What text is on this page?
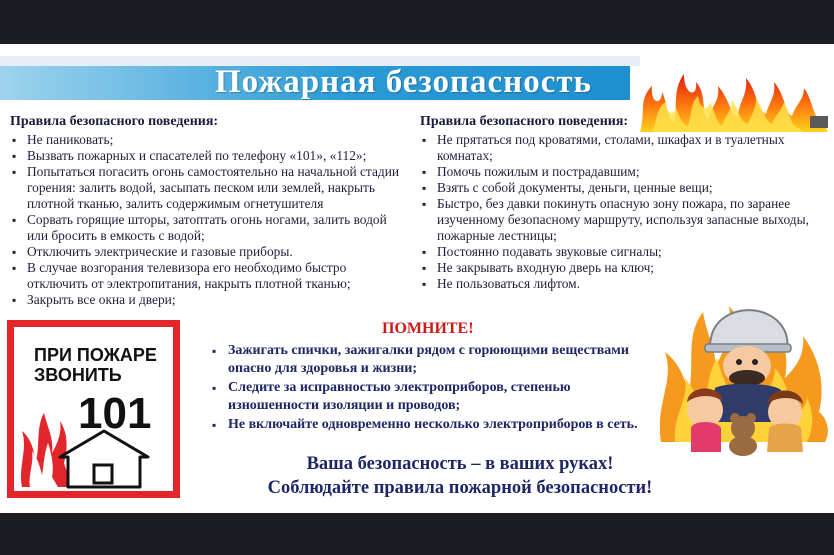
Пожарная безопасность
Правила безопасного поведения:
▪ Не паниковать;
▪ Вызвать пожарных и спасателей по телефону «101», «112»;
▪ Попытаться погасить огонь самостоятельно на начальной стадии горения: залить водой, засыпать песком или землей, накрыть плотной тканью, залить содержимым огнетушителя
▪ Сорвать горящие шторы, затоптать огонь ногами, залить водой или бросить в емкость с водой;
▪ Отключить электрические и газовые приборы.
▪ В случае возгорания телевизора его необходимо быстро отключить от электропитания, накрыть плотной тканью;
▪ Закрыть все окна и двери;
Правила безопасного поведения:
▪ Не прятаться под кроватями, столами, шкафах и в туалетных комнатах;
▪ Помочь пожилым и пострадавшим;
▪ Взять с собой документы, деньги, ценные вещи;
▪ Быстро, без давки покинуть опасную зону пожара, по заранее изученному безопасному маршруту, используя запасные выходы, пожарные лестницы;
▪ Постоянно подавать звуковые сигналы;
▪ Не закрывать входную дверь на ключ;
▪ Не пользоваться лифтом.
ПРИ ПОЖАРЕ
ЗВОНИТЬ
101

ПОМНИТЕ!

▪ Зажигать спички, зажигалки рядом с горюющими веществами опасно для здоровья и жизни;
▪ Следите за исправностью электроприборов, степенью изношенности изоляции и проводов;
▪ Не включайте одновременно несколько электроприборов в сеть.

Ваша безопасность – в ваших руках!

Соблюдайте правила пожарной безопасности!
